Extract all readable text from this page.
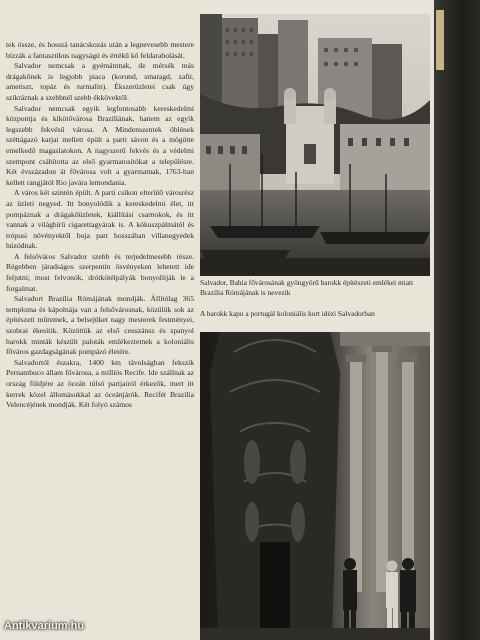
tek össze, és hosszá tanácskozás után a legnevesebb mestere bízzák a fantasztikus nagyságú és értékű kő feldarabolását.

Salvador nemcsak a gyémántnak, de mérsék más drágakőnek is legjobb piaca (korund, smaragd, zafír, ametiszt, topáz és turmalin). Ékszerüzletei csak úgy szikráznak a szebbnél szebb ékkövektől.

Salvador nemcsak egyik legfontosabb kereskedelmi központja és kikötővárosa Brazíliának, hanem az egyik legszebb fekvésű városa. A Mindenszentek öblének széttágazó karjai mellett épült a parti sávon és a mögötte emelkedő magaslatokon. A nagyszerű fekvés és a védelmi szempont csábította az első gyarmatosítókat a településre. Két évszázadon át fővárosa volt a gyarmatnak, 1763-ban kellett rangjától Rio javára lemondania.

A város két szintén épült. A parti csíkon elterülő városrész az üzleti negyed. Itt bonyolódik a kereskedelmi élet, itt pompáznak a drágakőüzletek, kiállítási csarnokok, és itt vannak a világhírű cigarettagyárak is. A kókuszpálmától és trópusi növényektől buja part hosszában villanegyedek húzódnak.

A felsőváros Salvador szebb és terjedelmesebb része. Régebben járadságos szerpentin ösvényeken lehetett ide feljutni; most felvonók, drótkötélpályák bonyolítják le a forgalmat.

Salvadort Brazília Rómájának mondják. Állítólag 365 temploma és kápolnája van a felsővárosnak, közülük sok az építészeti műremek, a belsejüket nagy mesterek festményei, szobrai ékesítik. Közöttük az első ceuszánsz és spanyol barokk minták készült paloták emlékeztetnek a koloniális főváros gazdagságának pompázó életére.

Salvadortól északra, 1400 km távolságban fekszik Pernambuco állam fővárosa, a milliós Recife. Ide szállnak az ország földjére az óceán túlsó partjairól érkezők, mert itt kerrek közel állomásukkal az óceánjárók. Recifét Brazília Velencéjének mondják. Két folyó számos

Salvador, Bahia fővárosának gyöngyörű barokk építészeti emlékei miatt Brazília Rómájának is nevezik
A barokk kapu a portugál koloniális kort idézi Salvadorban
Antikvarium.hu
